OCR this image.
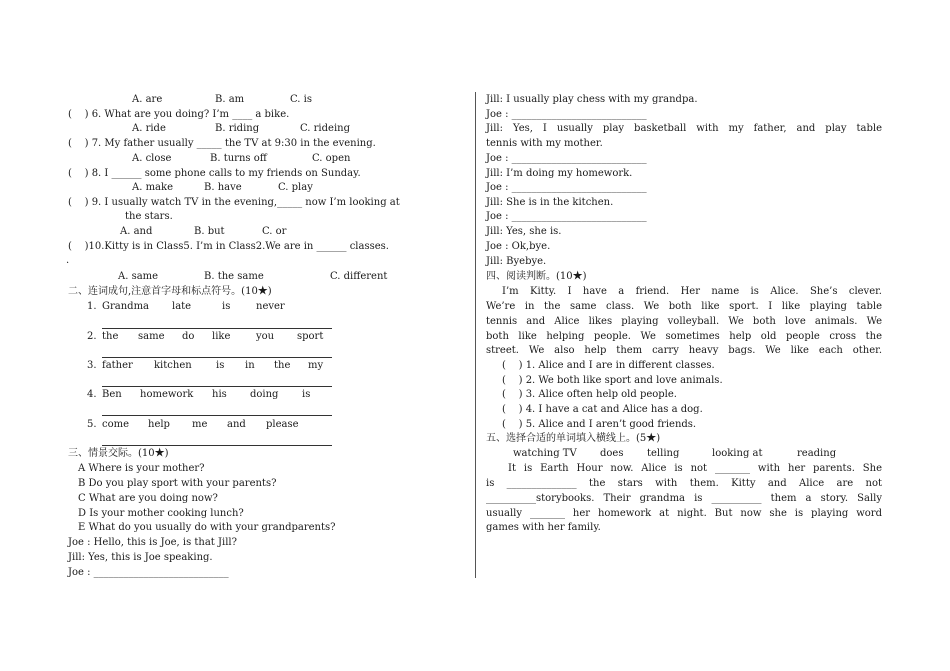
A. are	B. am	C. is
(    ) 6. What are you doing? I’m ____ a bike.
A. ride	B. riding	C. rideing
(    ) 7. My father usually _____ the TV at 9:30 in the evening.
A. close	B. turns off	C. open
(    ) 8. I ______ some phone calls to my friends on Sunday.
A. make	B. have	C. play
(    ) 9. I usually watch TV in the evening,_____ now I’m looking at
the stars.
A. and	B. but	C. or
(    )10.Kitty is in Class5. I’m in Class2.We are in ______ classes.
.
A. same	B. the same	C. different
二、连词成句,注意首字母和标点符号。(10★)
1. Grandma late	is	never
2. the same do like	you sport
3. father kitchen is in the my
4. Ben homework his doing is
5. come help me and please
三、情景交际。(10★)
A Where is your mother?
B Do you play sport with your parents?
C What are you doing now?
D Is your mother cooking lunch?
E What do you usually do with your grandparents?
Joe : Hello, this is Joe, is that Jill?
Jill: Yes, this is Joe speaking.
Joe : ___________________________
Jill: I usually play chess with my grandpa.
Joe : ___________________________
Jill: Yes, I usually play basketball with my father, and play table
tennis with my mother.
Joe : ___________________________
Jill: I’m doing my homework.
Joe : ___________________________
Jill: She is in the kitchen.
Joe : ___________________________
Jill: Yes, she is.
Joe : Ok,bye.
Jill: Byebye.
四、阅读判断。(10★)
I’m Kitty. I have a friend. Her name is Alice. She’s clever.
We’re in the same class. We both like sport. I like playing table
tennis and Alice likes playing volleyball. We both love animals. We
both like helping people. We sometimes help old people cross the
street. We also help them carry heavy bags. We like each other.
(    ) 1. Alice and I are in different classes.
(    ) 2. We both like sport and love animals.
(    ) 3. Alice often help old people.
(    ) 4. I have a cat and Alice has a dog.
(    ) 5. Alice and I aren’t good friends.
五、选择合适的单词填入横线上。(5★)
watching TV does telling	looking at	reading
It is Earth Hour now. Alice is not _______ with her parents. She
is ______________ the stars with them. Kitty and Alice are not
__________storybooks. Their grandma is __________ them a story. Sally
usually _______ her homework at night. But now she is playing word
games with her family.
